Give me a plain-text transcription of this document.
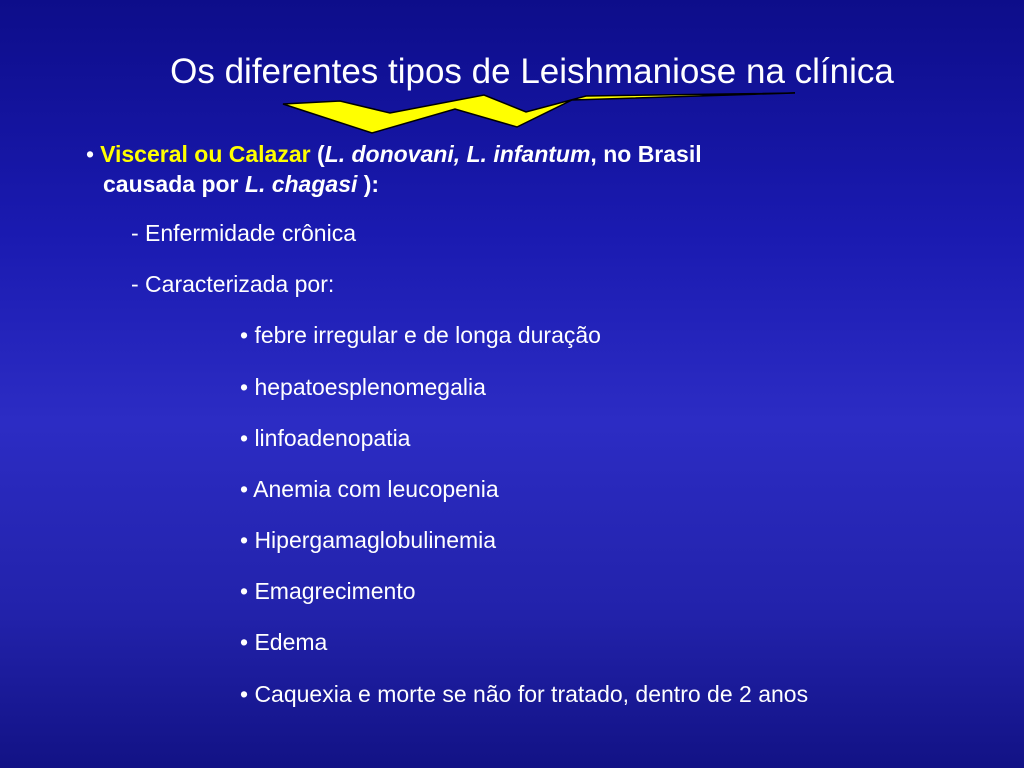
Os diferentes tipos de Leishmaniose na clínica
• Visceral ou Calazar (L. donovani, L. infantum, no Brasil
causada por L. chagasi ):
- Enfermidade crônica
- Caracterizada por:
• febre irregular e de longa duração
• hepatoesplenomegalia
• linfoadenopatia
• Anemia com leucopenia
• Hipergamaglobulinemia
• Emagrecimento
• Edema
• Caquexia e morte se não for tratado, dentro de 2 anos
